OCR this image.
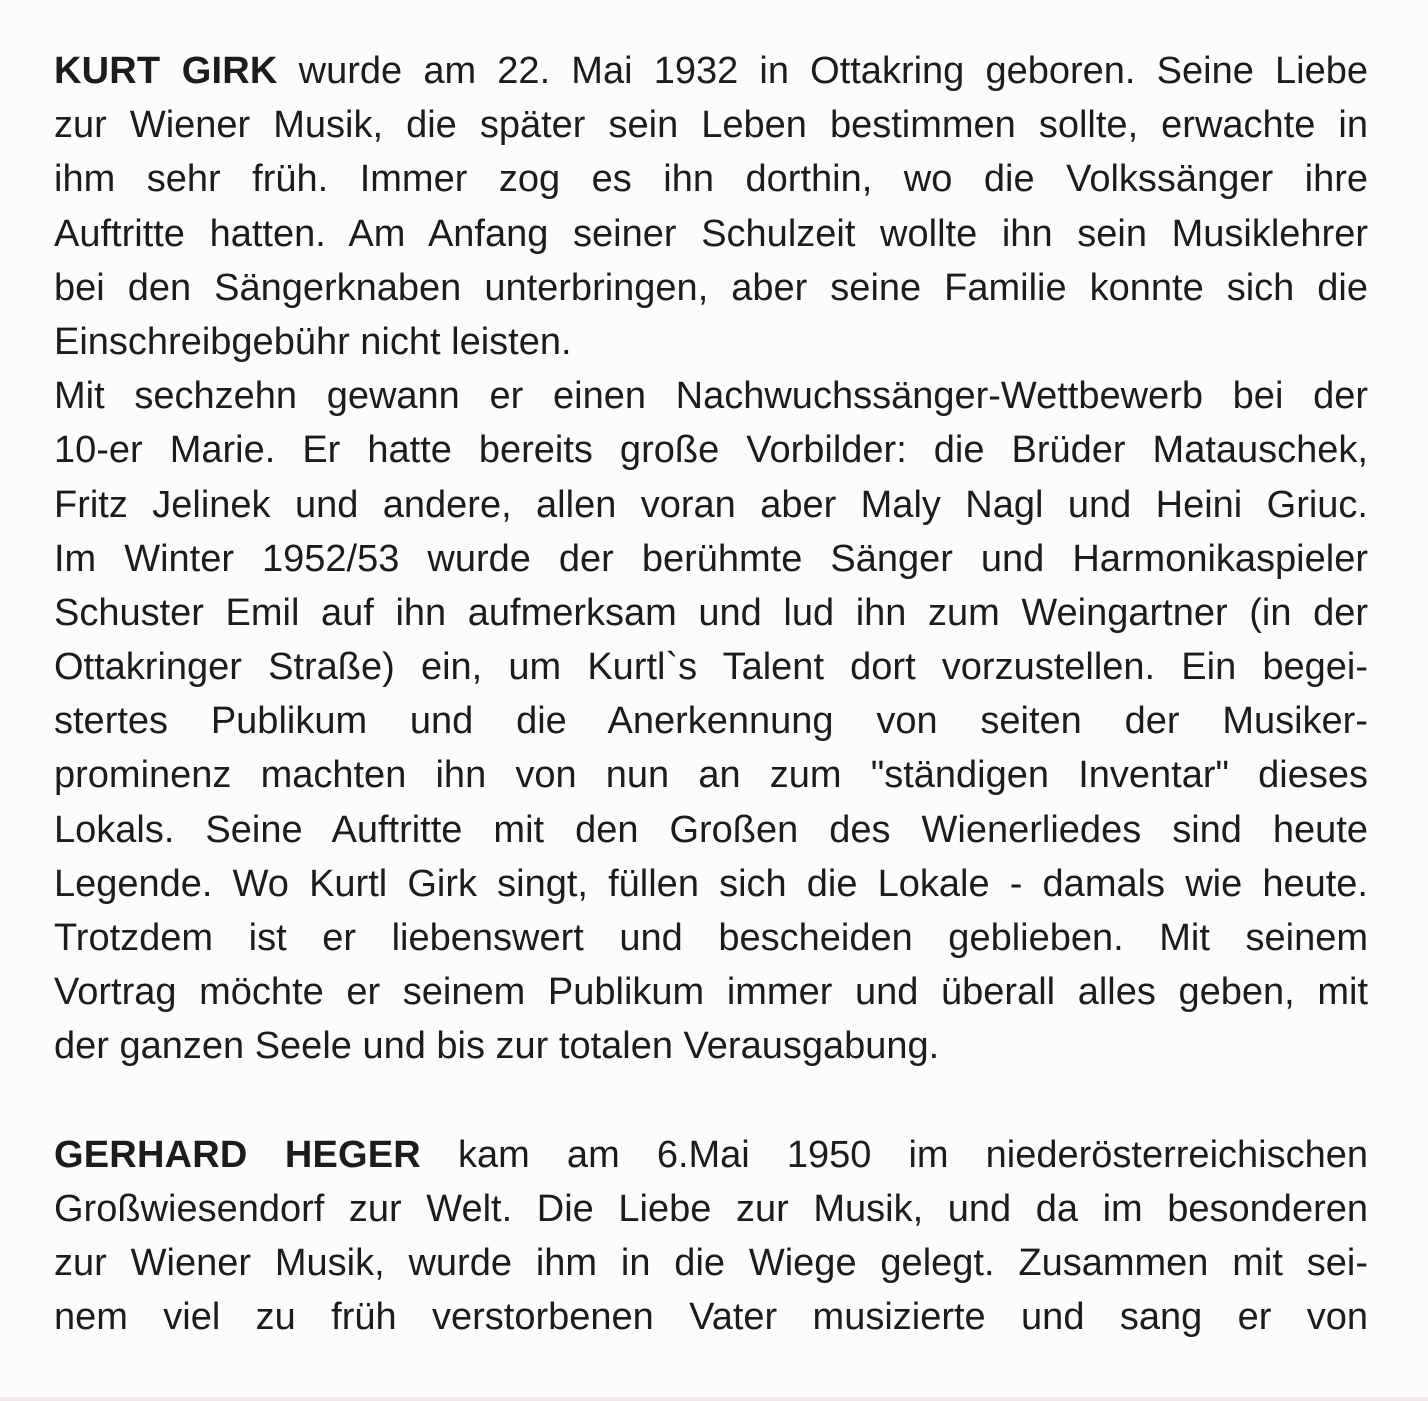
KURT GIRK wurde am 22. Mai 1932 in Ottakring geboren. Seine Liebe
zur Wiener Musik, die später sein Leben bestimmen sollte, erwachte in
ihm sehr früh. Immer zog es ihn dorthin, wo die Volkssänger ihre
Auftritte hatten. Am Anfang seiner Schulzeit wollte ihn sein Musiklehrer
bei den Sängerknaben unterbringen, aber seine Familie konnte sich die
Einschreibgebühr nicht leisten.
Mit sechzehn gewann er einen Nachwuchssänger-Wettbewerb bei der
10-er Marie. Er hatte bereits große Vorbilder: die Brüder Matauschek,
Fritz Jelinek und andere, allen voran aber Maly Nagl und Heini Griuc.
Im Winter 1952/53 wurde der berühmte Sänger und Harmonikaspieler
Schuster Emil auf ihn aufmerksam und lud ihn zum Weingartner (in der
Ottakringer Straße) ein, um Kurtl`s Talent dort vorzustellen. Ein begei-
stertes Publikum und die Anerkennung von seiten der Musiker-
prominenz machten ihn von nun an zum "ständigen Inventar" dieses
Lokals. Seine Auftritte mit den Großen des Wienerliedes sind heute
Legende. Wo Kurtl Girk singt, füllen sich die Lokale - damals wie heute.
Trotzdem ist er liebenswert und bescheiden geblieben. Mit seinem
Vortrag möchte er seinem Publikum immer und überall alles geben, mit
der ganzen Seele und bis zur totalen Verausgabung.
GERHARD HEGER kam am 6.Mai 1950 im niederösterreichischen
Großwiesendorf zur Welt. Die Liebe zur Musik, und da im besonderen
zur Wiener Musik, wurde ihm in die Wiege gelegt. Zusammen mit sei-
nem viel zu früh verstorbenen Vater musizierte und sang er von
